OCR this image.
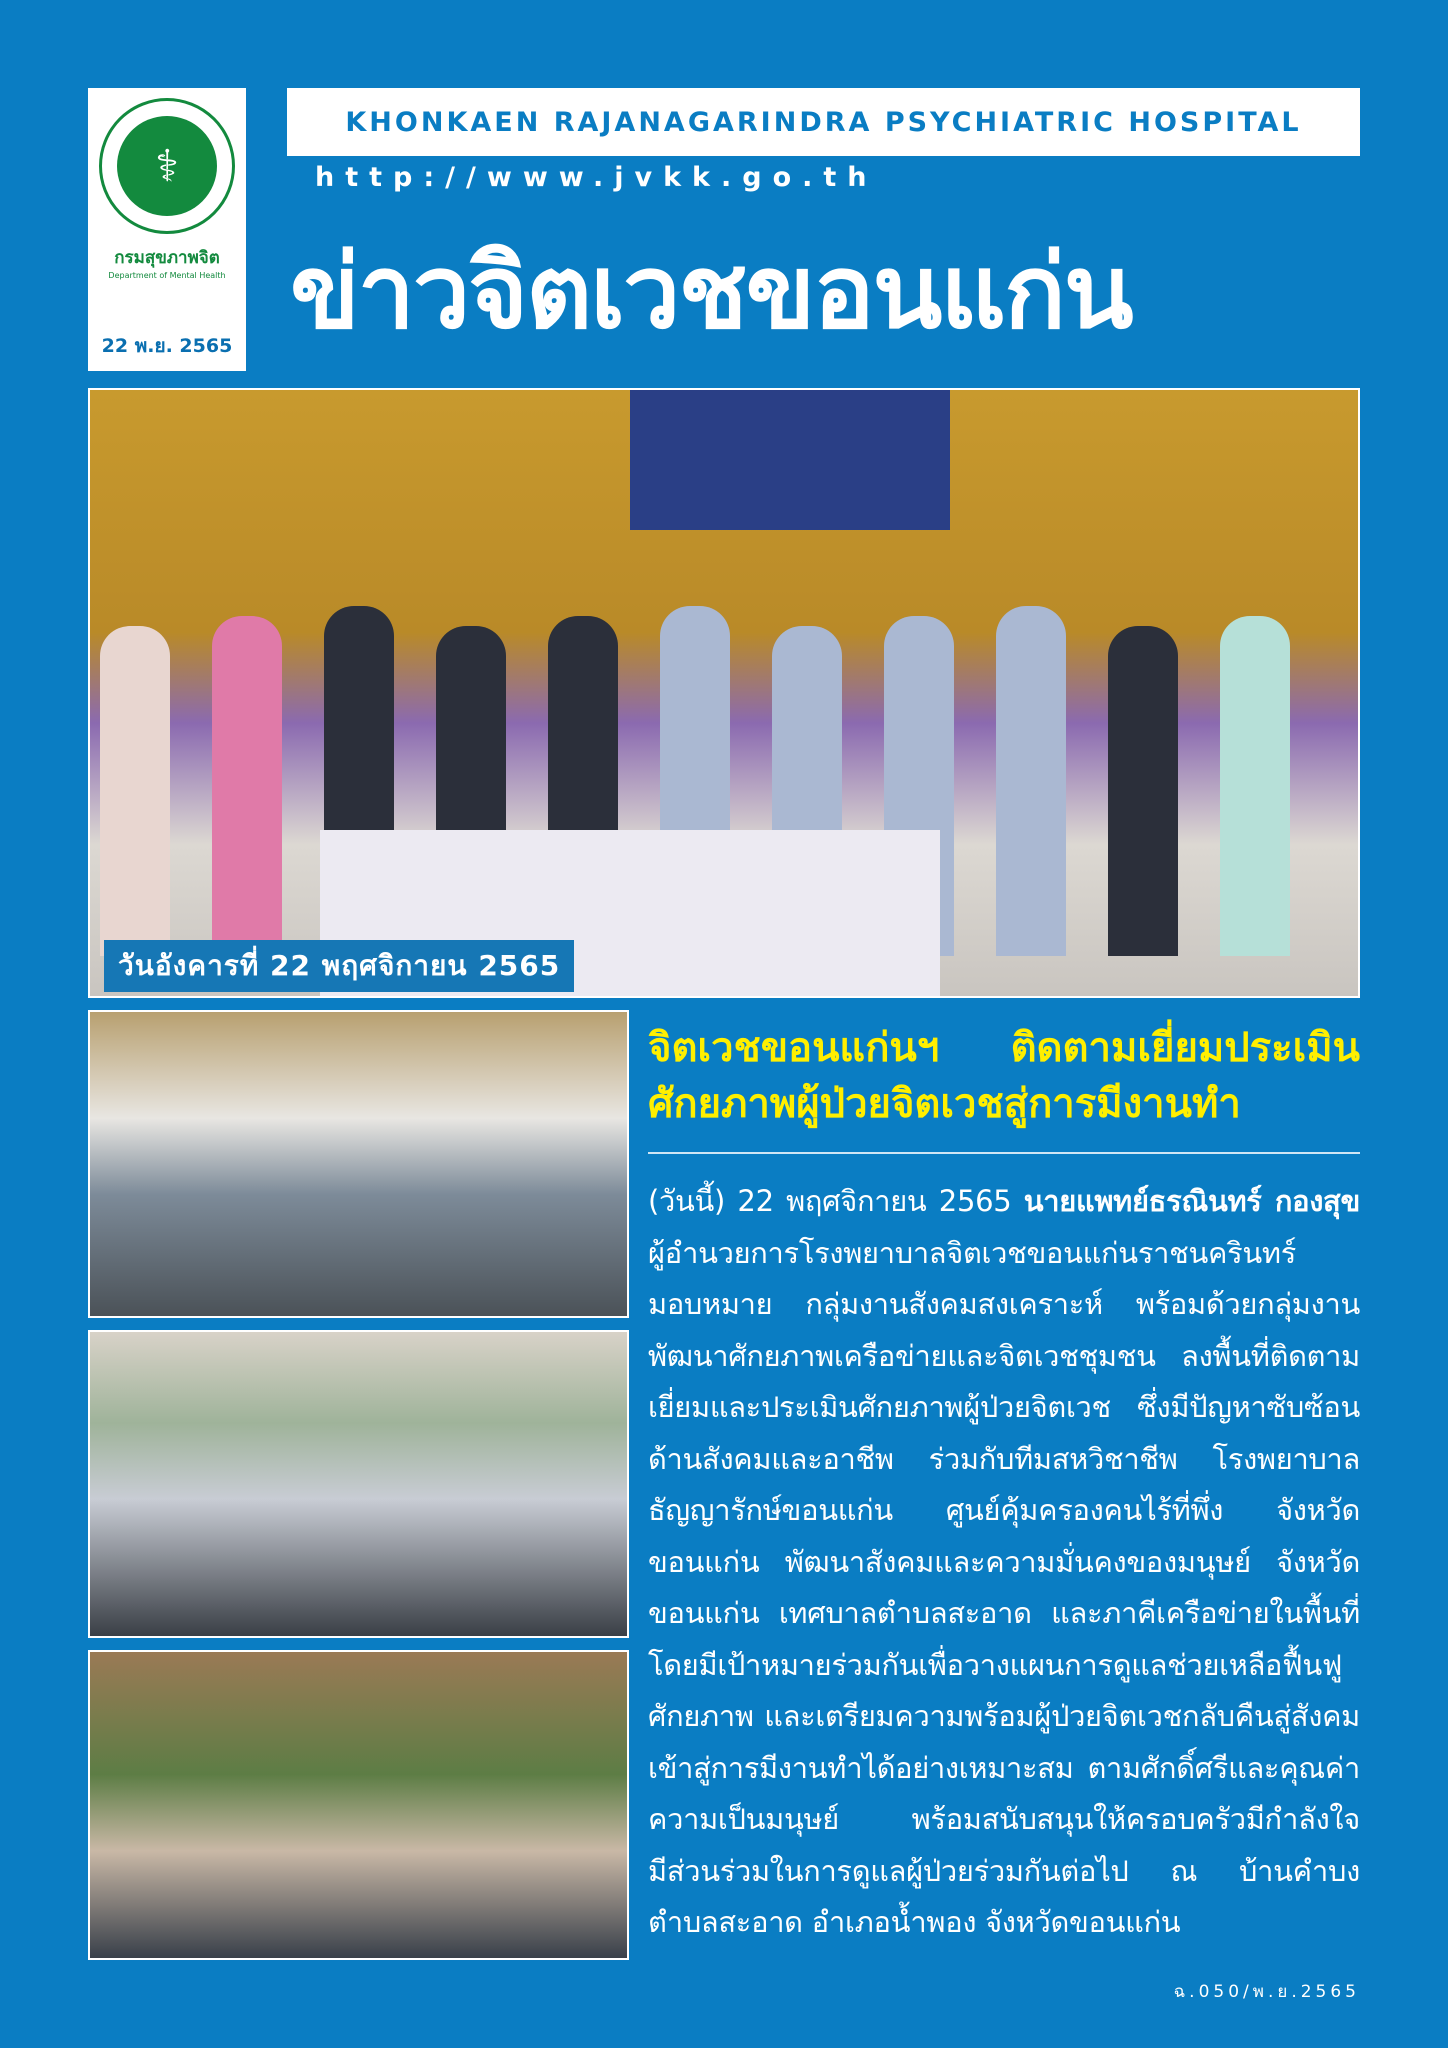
⚕
กรมสุขภาพจิต
Department of Mental Health
22 พ.ย. 2565
KHONKAEN RAJANAGARINDRA PSYCHIATRIC HOSPITAL
http://www.jvkk.go.th
ข่าวจิตเวชขอนแก่น
วันอังคารที่ 22 พฤศจิกายน 2565
จิตเวชขอนแก่นฯ ติดตามเยี่ยมประเมิน
ศักยภาพผู้ป่วยจิตเวชสู่การมีงานทำ
(วันนี้) 22 พฤศจิกายน 2565 นายแพทย์ธรณินทร์ กองสุข
ผู้อำนวยการโรงพยาบาลจิตเวชขอนแก่นราชนครินทร์
มอบหมาย กลุ่มงานสังคมสงเคราะห์ พร้อมด้วยกลุ่มงาน
พัฒนาศักยภาพเครือข่ายและจิตเวชชุมชน ลงพื้นที่ติดตาม
เยี่ยมและประเมินศักยภาพผู้ป่วยจิตเวช ซึ่งมีปัญหาซับซ้อน
ด้านสังคมและอาชีพ ร่วมกับทีมสหวิชาชีพ โรงพยาบาล
ธัญญารักษ์ขอนแก่น ศูนย์คุ้มครองคนไร้ที่พึ่ง จังหวัด
ขอนแก่น พัฒนาสังคมและความมั่นคงของมนุษย์ จังหวัด
ขอนแก่น เทศบาลตำบลสะอาด และภาคีเครือข่ายในพื้นที่
โดยมีเป้าหมายร่วมกันเพื่อวางแผนการดูแลช่วยเหลือฟื้นฟู
ศักยภาพ และเตรียมความพร้อมผู้ป่วยจิตเวชกลับคืนสู่สังคม
เข้าสู่การมีงานทำได้อย่างเหมาะสม ตามศักดิ์ศรีและคุณค่า
ความเป็นมนุษย์ พร้อมสนับสนุนให้ครอบครัวมีกำลังใจ
มีส่วนร่วมในการดูแลผู้ป่วยร่วมกันต่อไป ณ บ้านคำบง
ตำบลสะอาด อำเภอน้ำพอง จังหวัดขอนแก่น
ฉ.050/พ.ย.2565
